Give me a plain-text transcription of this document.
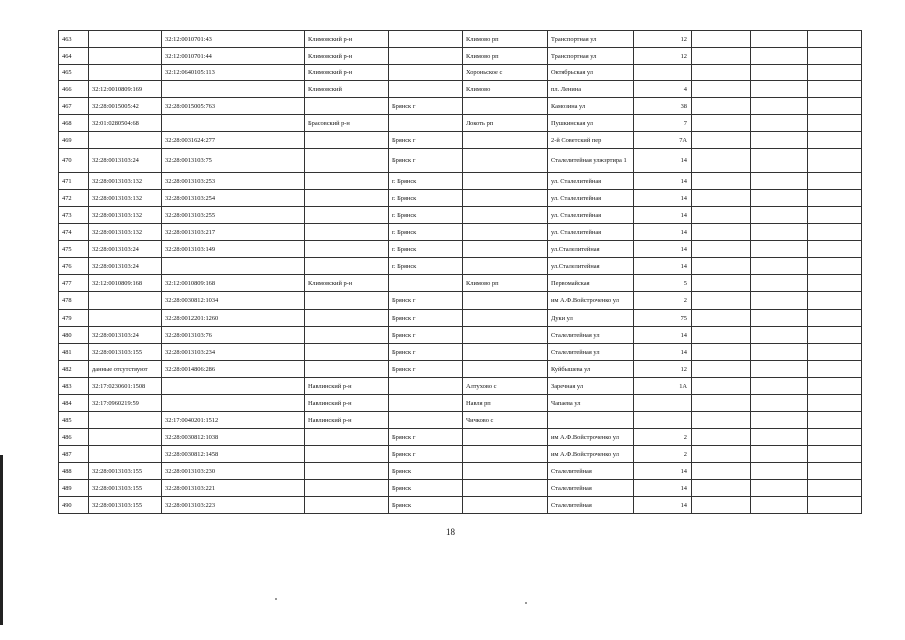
463		32:12:0010701:43	Климовский р-н		Климово рп	Транспортная ул	12			
464		32:12:0010701:44	Климовский р-н		Климово рп	Транспортная ул	12			
465		32:12:0640105:113	Климовский р-н		Хороньское с	Октябрьская ул				
466	32:12:0010809:169		Климовский		Климово	пл. Ленина	4			
467	32:28:0015005:42	32:28:0015005:763		Брянск г		Камозина ул	38			
468	32:01:0280504:68		Брасовский р-н		Локоть рп	Пушкинская ул	7			
469		32:28:0031624:277		Брянск г		2-й Советский пер	7А			
470	32:28:0013103:24	32:28:0013103:75		Брянск г		Сталелитейная улжзртира 1	14			
471	32:28:0013103:132	32:28:0013103:253		г. Брянск		ул. Сталелитейная	14			
472	32:28:0013103:132	32:28:0013103:254		г. Брянск		ул. Сталелитейная	14			
473	32:28:0013103:132	32:28:0013103:255		г. Брянск		ул. Сталелитейная	14			
474	32:28:0013103:132	32:28:0013103:217		г. Брянск		ул. Сталелитейная	14			
475	32:28:0013103:24	32:28:0013103:149		г. Брянск		ул.Сталелитейная	14			
476	32:28:0013103:24			г. Брянск		ул.Сталелитейная	14			
477	32:12:0010809:168	32:12:0010809:168	Климовский р-н		Климово рп	Первомайская	5			
478		32:28:0030812:1034		Брянск г		им А.Ф.Войстроченко ул	2			
479		32:28:0012201:1260		Брянск г		Дуки ул	75			
480	32:28:0013103:24	32:28:0013103:76		Брянск г		Сталелитейная ул	14			
481	32:28:0013103:155	32:28:0013103:234		Брянск г		Сталелитейная ул	14			
482	данные отсутствуют	32:28:0014806:286		Брянск г		Куйбышева ул	12			
483	32:17:0230601:1508		Навлинский р-н		Алтухово с	Заречная ул	1А			
484	32:17:0960219:59		Навлинский р-н		Навля рп	Чапаева ул				
485		32:17:0040201:1512	Навлинский р-н		Чичково с					
486		32:28:0030812:1038		Брянск г		им А.Ф.Войстроченко ул	2			
487		32:28:0030812:1458		Брянск г		им А.Ф.Войстроченко ул	2			
488	32:28:0013103:155	32:28:0013103:230		Брянск		Сталелитейная	14			
489	32:28:0013103:155	32:28:0013103:221		Брянск		Сталелитейная	14			
490	32:28:0013103:155	32:28:0013103:223		Брянск		Сталелитейная	14			
18
